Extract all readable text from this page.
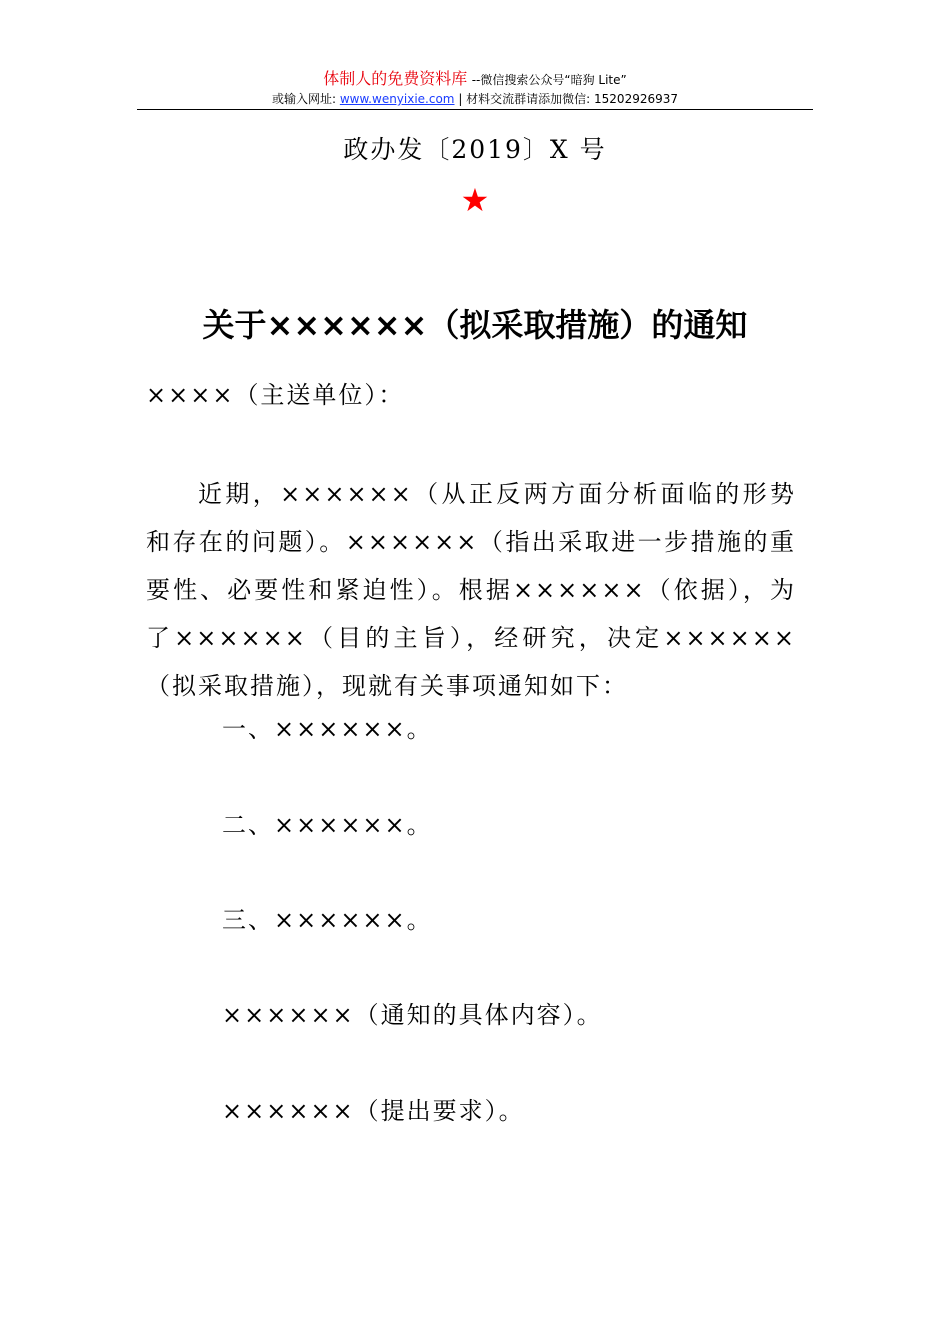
体制人的免费资料库 --微信搜索公众号“暗狗 Lite”
或输入网址: www.wenyixie.com | 材料交流群请添加微信: 15202926937
政办发〔2019〕X 号
★
关于××××××（拟采取措施）的通知
××××（主送单位）：
近期，××××××（从正反两方面分析面临的形势和存在的问题）。××××××（指出采取进一步措施的重要性、必要性和紧迫性）。根据××××××（依据），为了××××××（目的主旨），经研究，决定××××××（拟采取措施），现就有关事项通知如下：
一、××××××。
二、××××××。
三、××××××。
××××××（通知的具体内容）。
××××××（提出要求）。
